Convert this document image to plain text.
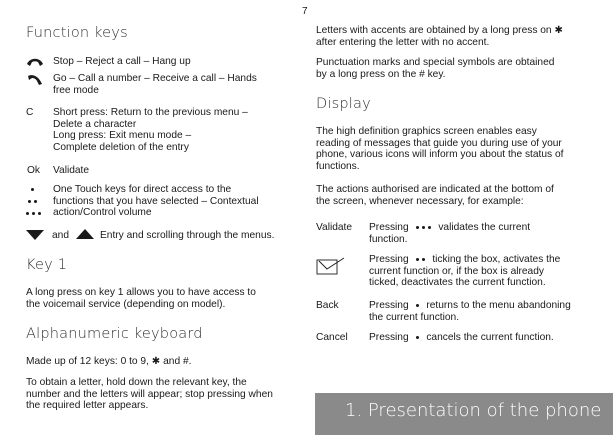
7
Function keys
Stop – Reject a call – Hang up
Go – Call a number – Receive a call – Hands
free mode
C	Short press: Return to the previous menu –
Delete a character
Long press: Exit menu mode –
Complete deletion of the entry
Ok	Validate
One Touch keys for direct access to the
functions that you have selected – Contextual
action/Control volume
and	Entry and scrolling through the menus.
Key 1

A long press on key 1 allows you to have access to
the voicemail service (depending on model).

Alphanumeric keyboard

Made up of 12 keys: 0 to 9, ✱ and #.

To obtain a letter, hold down the relevant key, the
number and the letters will appear; stop pressing when
the required letter appears.

Letters with accents are obtained by a long press on ✱
after entering the letter with no accent.

Punctuation marks and special symbols are obtained
by a long press on the # key.

Display

The high definition graphics screen enables easy
reading of messages that guide you during use of your
phone, various icons will inform you about the status of
functions.

The actions authorised are indicated at the bottom of
the screen, whenever necessary, for example:

Validate	Pressing	validates the current
function.
Pressing ticking the box, activates the
current function or, if the box is already
ticked, deactivates the current function.
Back	Pressing returns to the menu abandoning
the current function.
Cancel	Pressing cancels the current function.
1. Presentation of the phone
